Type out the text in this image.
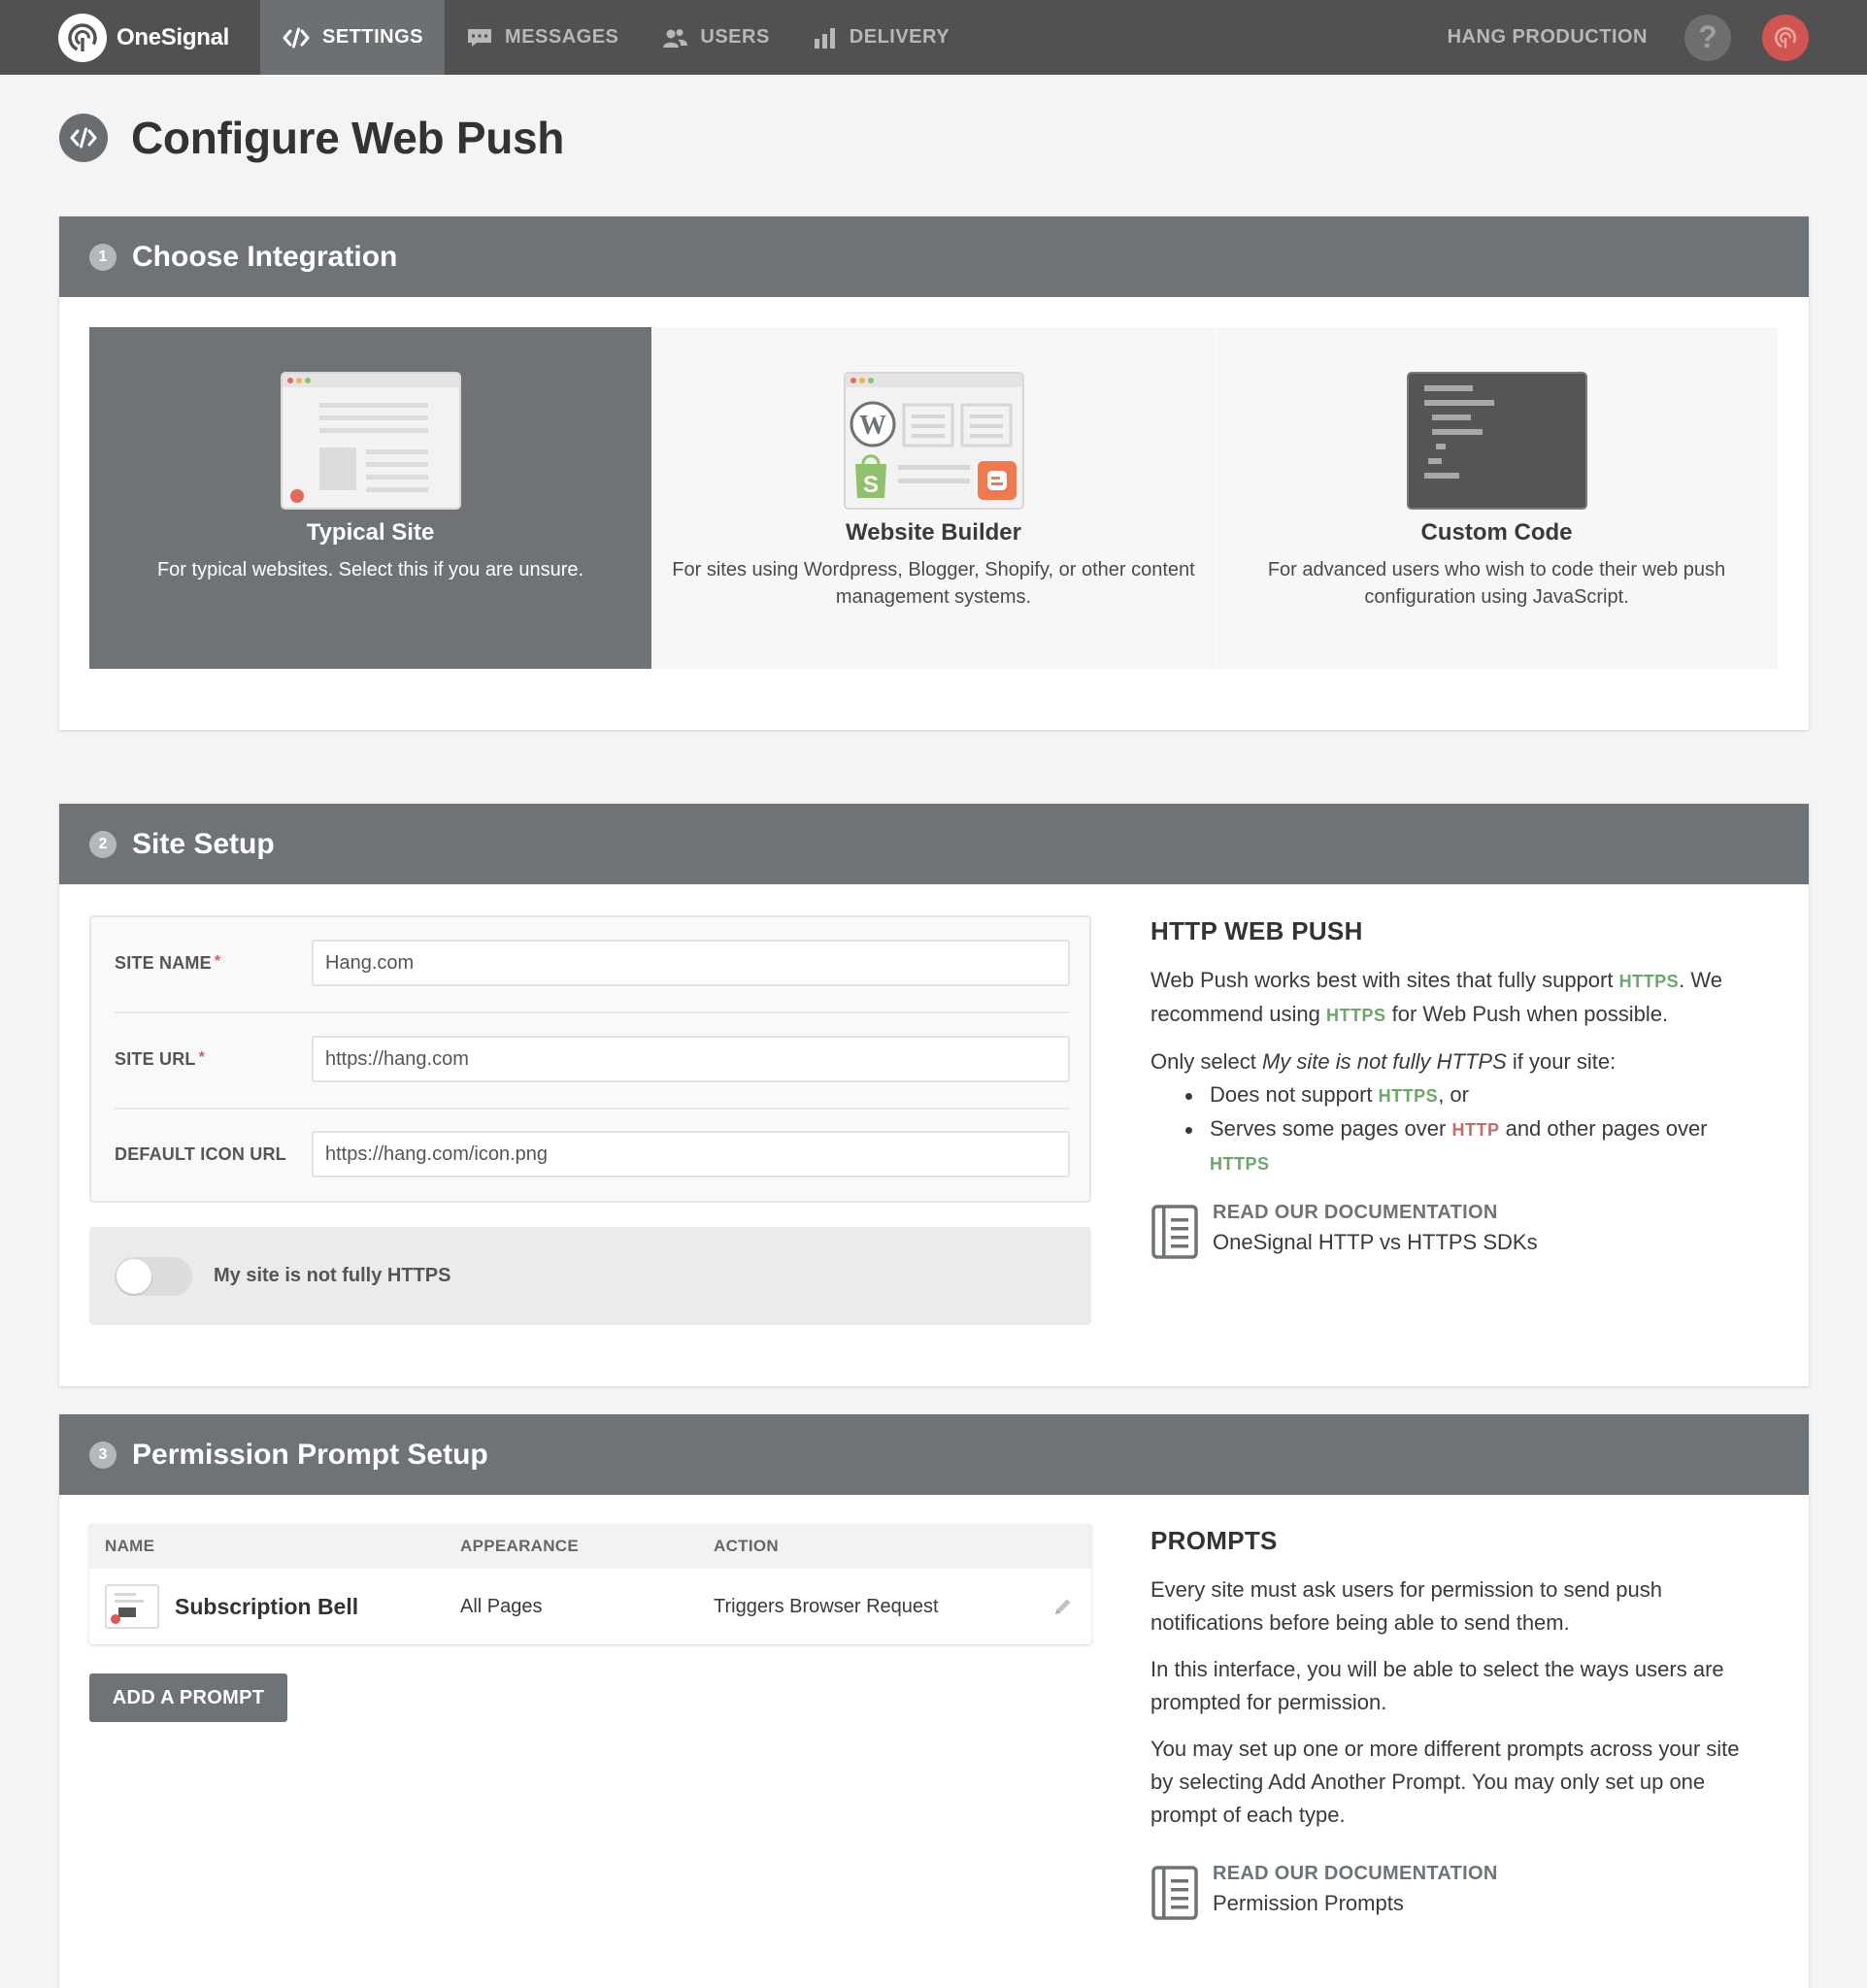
OneSignal	SETTINGS	MESSAGES	USERS	DELIVERY	HANG PRODUCTION ?
Configure Web Push
1 Choose Integration
Typical Site
For typical websites. Select this if you are unsure.
W
S
Website Builder
For sites using Wordpress, Blogger, Shopify, or other content management systems.
Custom Code
For advanced users who wish to code their web push configuration using JavaScript.
2 Site Setup
SITE NAME *
Hang.com
SITE URL *
https://hang.com
DEFAULT ICON URL
https://hang.com/icon.png
My site is not fully HTTPS
HTTP WEB PUSH

Web Push works best with sites that fully support HTTPS. We recommend using HTTPS for Web Push when possible.

Only select My site is not fully HTTPS if your site:

Does not support HTTPS, or
Serves some pages over HTTP and other pages over HTTPS
READ OUR DOCUMENTATION
OneSignal HTTP vs HTTPS SDKs
3 Permission Prompt Setup
NAME	APPEARANCE	ACTION
Subscription Bell	All Pages	Triggers Browser Request
ADD A PROMPT
PROMPTS

Every site must ask users for permission to send push notifications before being able to send them.

In this interface, you will be able to select the ways users are prompted for permission.

You may set up one or more different prompts across your site by selecting Add Another Prompt. You may only set up one prompt of each type.

READ OUR DOCUMENTATION
Permission Prompts
